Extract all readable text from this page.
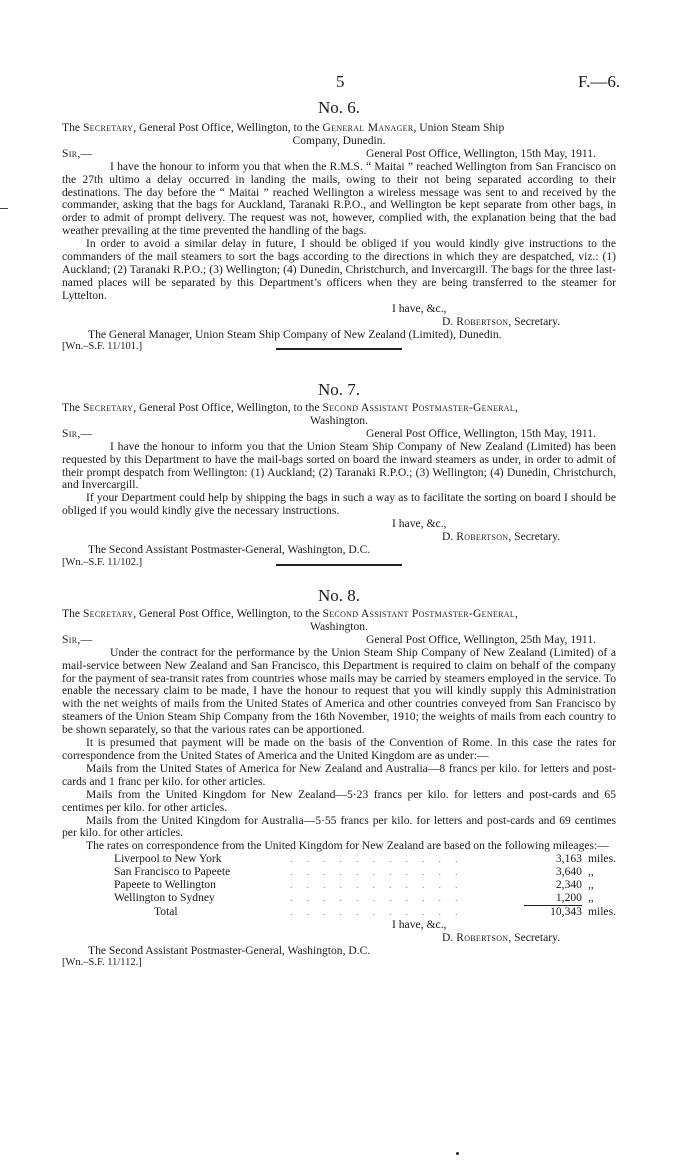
5	F.—6.

No. 6.

The Secretary, General Post Office, Wellington, to the General Manager, Union Steam Ship

Company, Dunedin.

Sir,—	General Post Office, Wellington, 15th May, 1911.

I have the honour to inform you that when the R.M.S. “ Maitai ” reached Wellington from San Francisco on the 27th ultimo a delay occurred in landing the mails, owing to their not being separated according to their destinations. The day before the “ Maitai ” reached Wellington a wireless message was sent to and received by the commander, asking that the bags for Auckland, Taranaki R.P.O., and Wellington be kept separate from other bags, in order to admit of prompt delivery. The request was not, however, complied with, the explanation being that the bad weather prevailing at the time prevented the handling of the bags.

In order to avoid a similar delay in future, I should be obliged if you would kindly give instructions to the commanders of the mail steamers to sort the bags according to the directions in which they are despatched, viz.: (1) Auckland; (2) Taranaki R.P.O.; (3) Wellington; (4) Dunedin, Christchurch, and Invercargill. The bags for the three last-named places will be separated by this Department’s officers when they are being transferred to the steamer for Lyttelton.

I have, &c.,

D. Robertson, Secretary.

The General Manager, Union Steam Ship Company of New Zealand (Limited), Dunedin.

[Wn.–S.F. 11/101.]

No. 7.

The Secretary, General Post Office, Wellington, to the Second Assistant Postmaster-General,

Washington.

Sir,—	General Post Office, Wellington, 15th May, 1911.

I have the honour to inform you that the Union Steam Ship Company of New Zealand (Limited) has been requested by this Department to have the mail-bags sorted on board the inward steamers as under, in order to admit of their prompt despatch from Wellington: (1) Auckland; (2) Taranaki R.P.O.; (3) Wellington; (4) Dunedin, Christchurch, and Invercargill.

If your Department could help by shipping the bags in such a way as to facilitate the sorting on board I should be obliged if you would kindly give the necessary instructions.

I have, &c.,

D. Robertson, Secretary.

The Second Assistant Postmaster-General, Washington, D.C.

[Wn.–S.F. 11/102.]

No. 8.

The Secretary, General Post Office, Wellington, to the Second Assistant Postmaster-General,

Washington.

Sir,—	General Post Office, Wellington, 25th May, 1911.

Under the contract for the performance by the Union Steam Ship Company of New Zealand (Limited) of a mail-service between New Zealand and San Francisco, this Department is required to claim on behalf of the company for the payment of sea-transit rates from countries whose mails may be carried by steamers employed in the service. To enable the necessary claim to be made, I have the honour to request that you will kindly supply this Administration with the net weights of mails from the United States of America and other countries conveyed from San Francisco by steamers of the Union Steam Ship Company from the 16th November, 1910; the weights of mails from each country to be shown separately, so that the various rates can be apportioned.

It is presumed that payment will be made on the basis of the Convention of Rome. In this case the rates for correspondence from the United States of America and the United Kingdom are as under:—

Mails from the United States of America for New Zealand and Australia—8 francs per kilo. for letters and post-cards and 1 franc per kilo. for other articles.

Mails from the United Kingdom for New Zealand—5·23 francs per kilo. for letters and post-cards and 65 centimes per kilo. for other articles.

Mails from the United Kingdom for Australia—5·55 francs per kilo. for letters and post-cards and 69 centimes per kilo. for other articles.

The rates on correspondence from the United Kingdom for New Zealand are based on the following mileages:—

Liverpool to New York	. . . . . . . . . . .	3,163	miles.
San Francisco to Papeete	. . . . . . . . . . .	3,640	,,
Papeete to Wellington	. . . . . . . . . . .	2,340	,,
Wellington to Sydney	. . . . . . . . . . .	1,200	,,
Total	. . . . . . . . . . .	10,343	miles.

I have, &c.,

D. Robertson, Secretary.

The Second Assistant Postmaster-General, Washington, D.C.

[Wn.–S.F. 11/112.]
